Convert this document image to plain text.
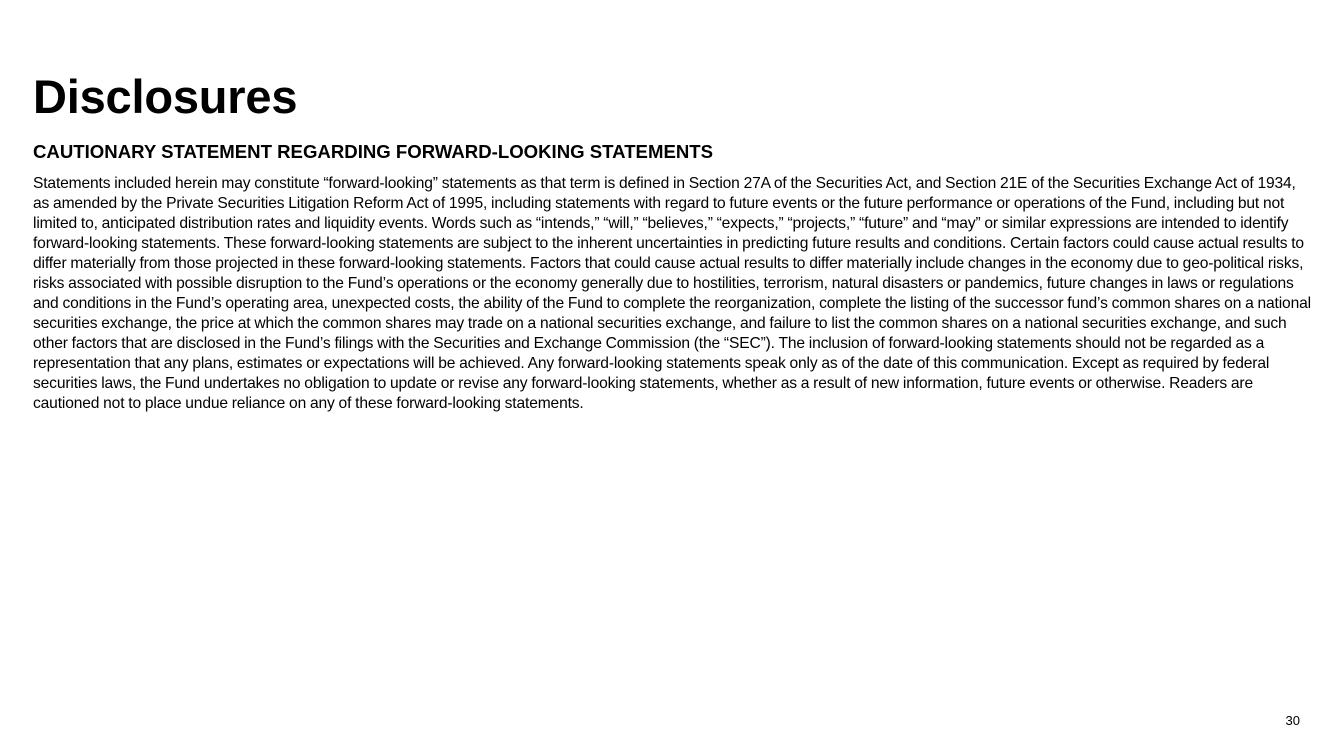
Disclosures
CAUTIONARY STATEMENT REGARDING FORWARD-LOOKING STATEMENTS

Statements included herein may constitute “forward-looking” statements as that term is defined in Section 27A of the Securities Act, and Section 21E of the Securities Exchange Act of 1934, as amended by the Private Securities Litigation Reform Act of 1995, including statements with regard to future events or the future performance or operations of the Fund, including but not limited to, anticipated distribution rates and liquidity events. Words such as “intends,” “will,” “believes,” “expects,” “projects,” “future” and “may” or similar expressions are intended to identify forward-looking statements. These forward-looking statements are subject to the inherent uncertainties in predicting future results and conditions. Certain factors could cause actual results to differ materially from those projected in these forward-looking statements. Factors that could cause actual results to differ materially include changes in the economy due to geo-political risks, risks associated with possible disruption to the Fund’s operations or the economy generally due to hostilities, terrorism, natural disasters or pandemics, future changes in laws or regulations and conditions in the Fund’s operating area, unexpected costs, the ability of the Fund to complete the reorganization, complete the listing of the successor fund’s common shares on a national securities exchange, the price at which the common shares may trade on a national securities exchange, and failure to list the common shares on a national securities exchange, and such other factors that are disclosed in the Fund’s filings with the Securities and Exchange Commission (the “SEC”). The inclusion of forward-looking statements should not be regarded as a representation that any plans, estimates or expectations will be achieved. Any forward-looking statements speak only as of the date of this communication. Except as required by federal securities laws, the Fund undertakes no obligation to update or revise any forward-looking statements, whether as a result of new information, future events or otherwise. Readers are cautioned not to place undue reliance on any of these forward-looking statements.

30
